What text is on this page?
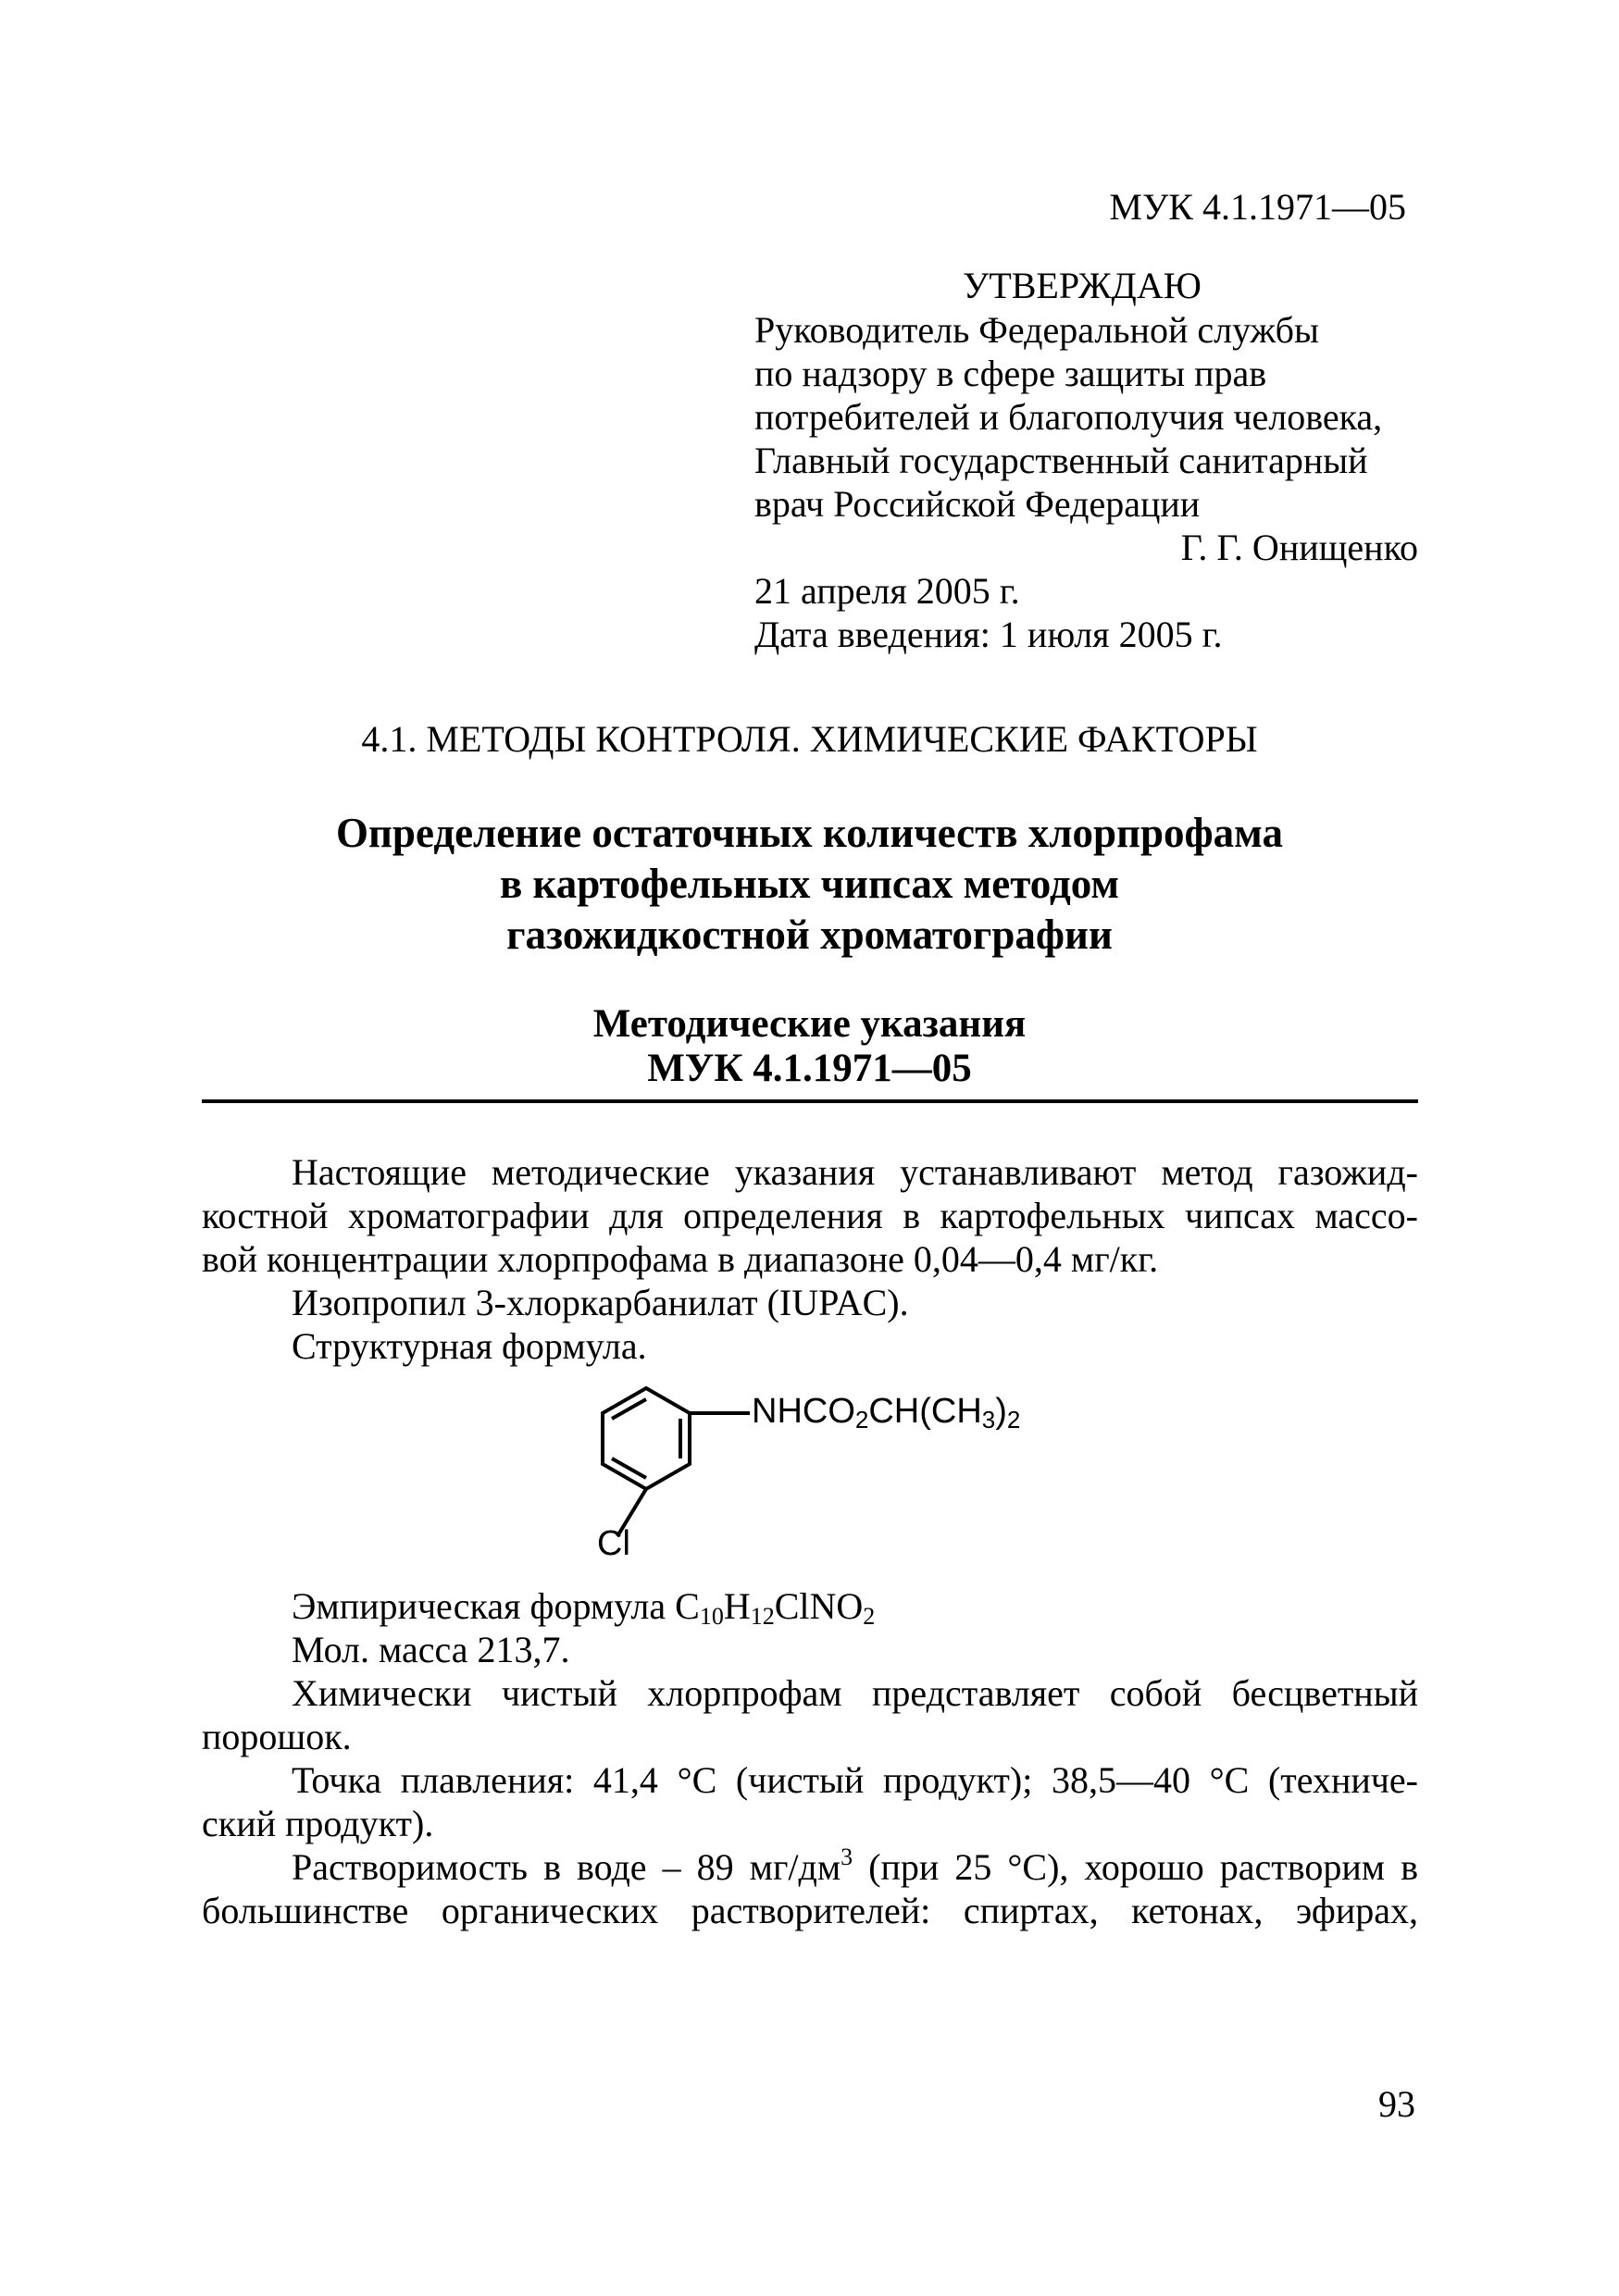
МУК 4.1.1971—05
УТВЕРЖДАЮ
Руководитель Федеральной службы
по надзору в сфере защиты прав
потребителей и благополучия человека,
Главный государственный санитарный
врач Российской Федерации
Г. Г. Онищенко
21 апреля 2005 г.
Дата введения: 1 июля 2005 г.
4.1. МЕТОДЫ КОНТРОЛЯ. ХИМИЧЕСКИЕ ФАКТОРЫ
Определение остаточных количеств хлорпрофама
в картофельных чипсах методом
газожидкостной хроматографии
Методические указания
МУК 4.1.1971—05
Настоящие методические указания устанавливают метод газожид-
костной хроматографии для определения в картофельных чипсах массо-
вой концентрации хлорпрофама в диапазоне 0,04—0,4 мг/кг.
Изопропил 3-хлоркарбанилат (IUPAC).
Структурная формула.
$NHCO_2CH(CH_3)_2$
Cl
Эмпирическая формула $C_{10}H_{12}ClNO_2$
Мол. масса 213,7.
Химически чистый хлорпрофам представляет собой бесцветный
порошок.
Точка плавления: 41,4 °С (чистый продукт); 38,5—40 °С (техниче-
ский продукт).
Растворимость в воде – 89 $мг/дм^3$ (при 25 °С), хорошо растворим в
большинстве органических растворителей: спиртах, кетонах, эфирах,
93
